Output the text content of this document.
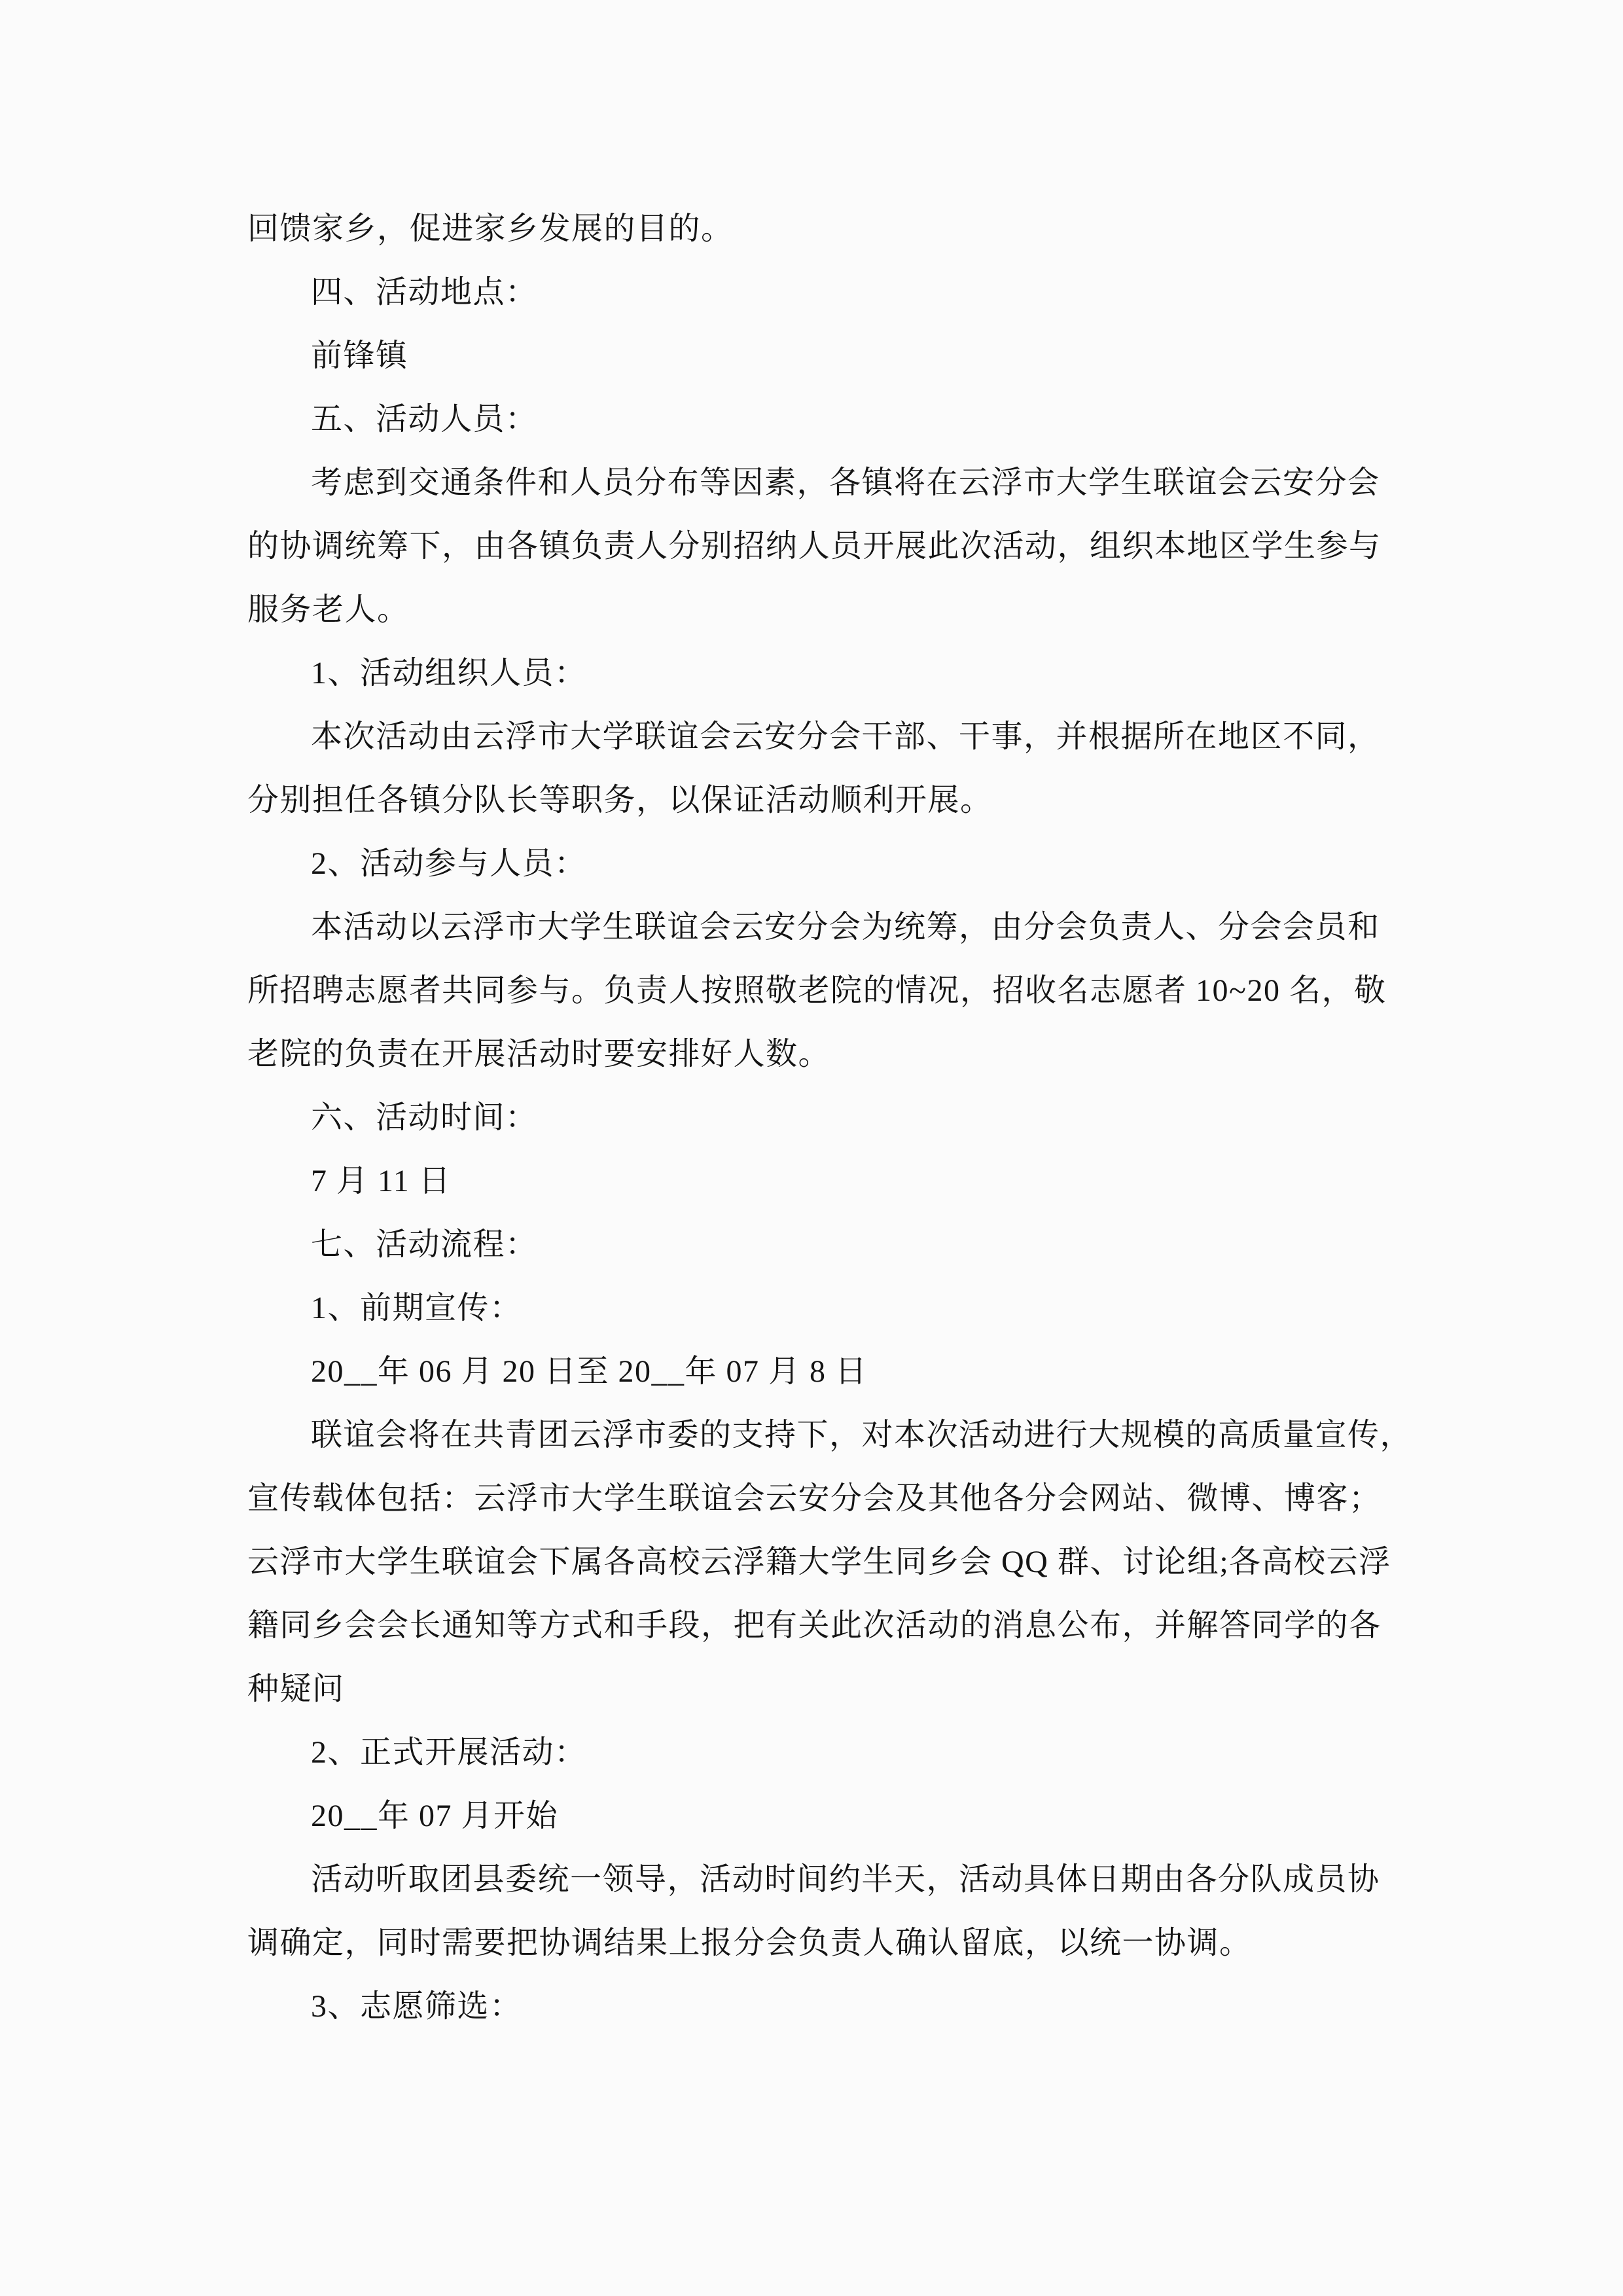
回馈家乡，促进家乡发展的目的。
四、活动地点：
前锋镇
五、活动人员：
考虑到交通条件和人员分布等因素，各镇将在云浮市大学生联谊会云安分会
的协调统筹下，由各镇负责人分别招纳人员开展此次活动，组织本地区学生参与
服务老人。
1、活动组织人员：
本次活动由云浮市大学联谊会云安分会干部、干事，并根据所在地区不同，
分别担任各镇分队长等职务，以保证活动顺利开展。
2、活动参与人员：
本活动以云浮市大学生联谊会云安分会为统筹，由分会负责人、分会会员和
所招聘志愿者共同参与。负责人按照敬老院的情况，招收名志愿者 10~20 名，敬
老院的负责在开展活动时要安排好人数。
六、活动时间：
7 月 11 日
七、活动流程：
1、前期宣传：
20__年 06 月 20 日至 20__年 07 月 8 日
联谊会将在共青团云浮市委的支持下，对本次活动进行大规模的高质量宣传，
宣传载体包括：云浮市大学生联谊会云安分会及其他各分会网站、微博、博客；
云浮市大学生联谊会下属各高校云浮籍大学生同乡会 QQ 群、讨论组;各高校云浮
籍同乡会会长通知等方式和手段，把有关此次活动的消息公布，并解答同学的各
种疑问
2、正式开展活动：
20__年 07 月开始
活动听取团县委统一领导，活动时间约半天，活动具体日期由各分队成员协
调确定，同时需要把协调结果上报分会负责人确认留底，以统一协调。
3、志愿筛选：
